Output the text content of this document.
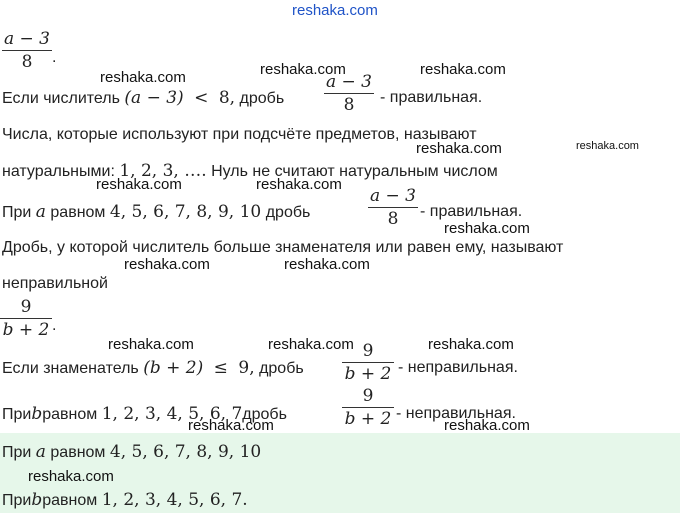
reshaka.com
a − 3
8	.
reshaka.com	reshaka.com	reshaka.com
Если числитель (a − 3) < 8, дробь
a − 3
8	- правильная.
Числа, которые используют при подсчёте предметов, называют
reshaka.com	reshaka.com
натуральными: 1, 2, 3, …. Нуль не считают натуральным числом
reshaka.com	reshaka.com
При a равном 4, 5, 6, 7, 8, 9, 10 дробь
a − 3
8	- правильная.
reshaka.com
Дробь, у которой числитель больше знаменателя или равен ему, называют
reshaka.com	reshaka.com
неправильной
9
b + 2 .
reshaka.com	reshaka.com	reshaka.com
Если знаменатель (b + 2) ≤ 9, дробь
9
b + 2 - неправильная.
Приbравном 1, 2, 3, 4, 5, 6, 7дробь
9
b + 2 - неправильная.
reshaka.com	reshaka.com
При a равном 4, 5, 6, 7, 8, 9, 10
reshaka.com
Приbравном 1, 2, 3, 4, 5, 6, 7.
